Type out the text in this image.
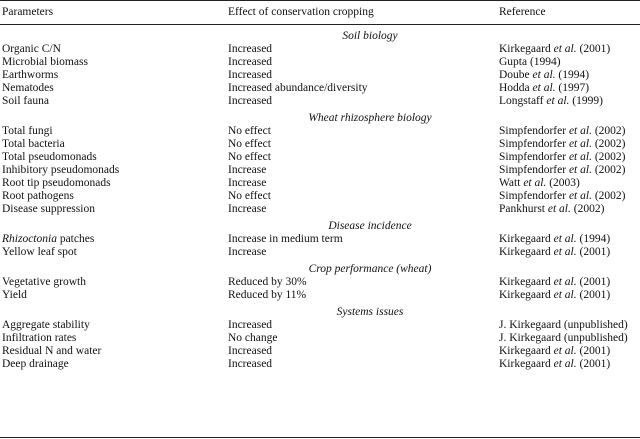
Parameters	Effect of conservation cropping	Reference
Soil biology
Organic C/N	Increased	Kirkegaard et al. (2001)
Microbial biomass	Increased	Gupta (1994)
Earthworms	Increased	Doube et al. (1994)
Nematodes	Increased abundance/diversity	Hodda et al. (1997)
Soil fauna	Increased	Longstaff et al. (1999)
Wheat rhizosphere biology
Total fungi	No effect	Simpfendorfer et al. (2002)
Total bacteria	No effect	Simpfendorfer et al. (2002)
Total pseudomonads	No effect	Simpfendorfer et al. (2002)
Inhibitory pseudomonads	Increase	Simpfendorfer et al. (2002)
Root tip pseudomonads	Increase	Watt et al. (2003)
Root pathogens	No effect	Simpfendorfer et al. (2002)
Disease suppression	Increase	Pankhurst et al. (2002)
Disease incidence
Rhizoctonia patches	Increase in medium term	Kirkegaard et al. (1994)
Yellow leaf spot	Increase	Kirkegaard et al. (2001)
Crop performance (wheat)
Vegetative growth	Reduced by 30%	Kirkegaard et al. (2001)
Yield	Reduced by 11%	Kirkegaard et al. (2001)
Systems issues
Aggregate stability	Increased	J. Kirkegaard (unpublished)
Infiltration rates	No change	J. Kirkegaard (unpublished)
Residual N and water	Increased	Kirkegaard et al. (2001)
Deep drainage	Increased	Kirkegaard et al. (2001)
